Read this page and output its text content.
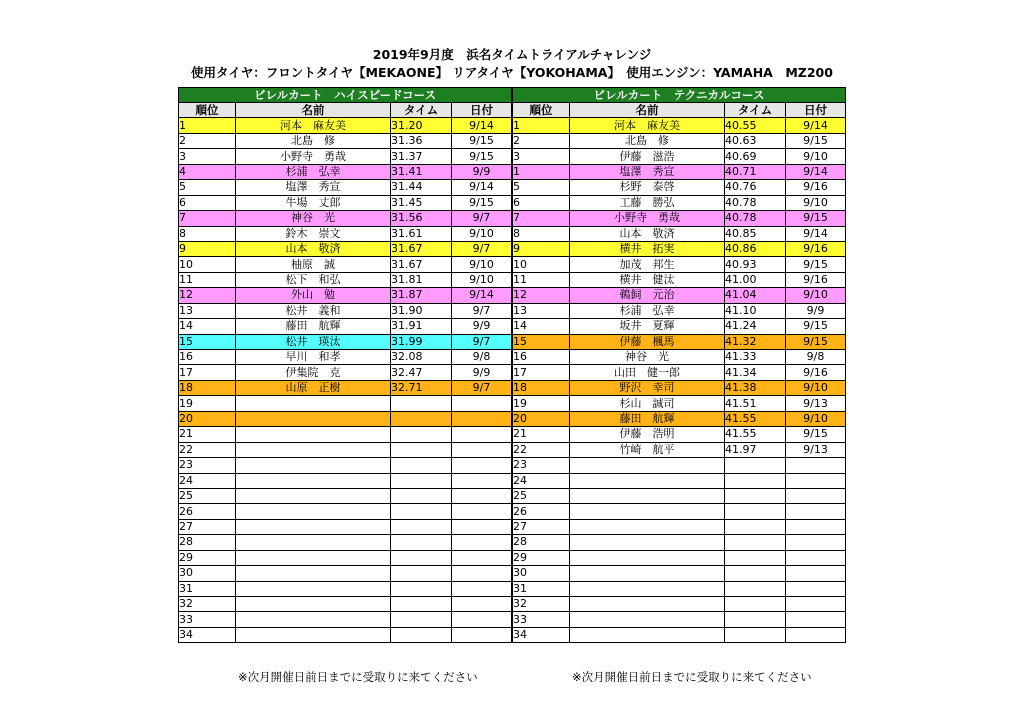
2019年9月度　浜名タイムトライアルチャレンジ
使用タイヤ：フロントタイヤ【MEKAONE】 リアタイヤ【YOKOHAMA】　使用エンジン：YAMAHA　MZ200
ビレルカート　ハイスピードコース			
順位	名前	タイム	日付
1	河本　麻友美	31.20	9/14
2	北島　修	31.36	9/15
3	小野寺　勇哉	31.37	9/15
4	杉浦　弘幸	31.41	9/9
5	塩澤　秀宣	31.44	9/14
6	牛場　丈郎	31.45	9/15
7	神谷　光	31.56	9/7
8	鈴木　崇文	31.61	9/10
9	山本　敬済	31.67	9/7
10	柚原　誠	31.67	9/10
11	松下　和弘	31.81	9/10
12	外山　勉	31.87	9/14
13	松井　義和	31.90	9/7
14	藤田　航輝	31.91	9/9
15	松井　瑛汰	31.99	9/7
16	早川　和孝	32.08	9/8
17	伊集院　克	32.47	9/9
18	山原　正樹	32.71	9/7
19			
20			
21			
22			
23			
24			
25			
26			
27			
28			
29			
30			
31			
32			
33			
34			
ビレルカート　テクニカルコース			
順位	名前	タイム	日付
1	河本　麻友美	40.55	9/14
2	北島　修	40.63	9/15
3	伊藤　滋浩	40.69	9/10
1	塩澤　秀宣	40.71	9/14
5	杉野　泰啓	40.76	9/16
6	工藤　勝弘	40.78	9/10
7	小野寺　勇哉	40.78	9/15
8	山本　敬済	40.85	9/14
9	横井　拓実	40.86	9/16
10	加茂　邦生	40.93	9/15
11	横井　健汰	41.00	9/16
12	鵜飼　元治	41.04	9/10
13	杉浦　弘幸	41.10	9/9
14	坂井　夏輝	41.24	9/15
15	伊藤　楓馬	41.32	9/15
16	神谷　光	41.33	9/8
17	山田　健一郎	41.34	9/16
18	野沢　幸司	41.38	9/10
19	杉山　誠司	41.51	9/13
20	藤田　航輝	41.55	9/10
21	伊藤　浩明	41.55	9/15
22	竹崎　航平	41.97	9/13
23			
24			
25			
26			
27			
28			
29			
30			
31			
32			
33			
34			
※次月開催日前日までに受取りに来てください	※次月開催日前日までに受取りに来てください
